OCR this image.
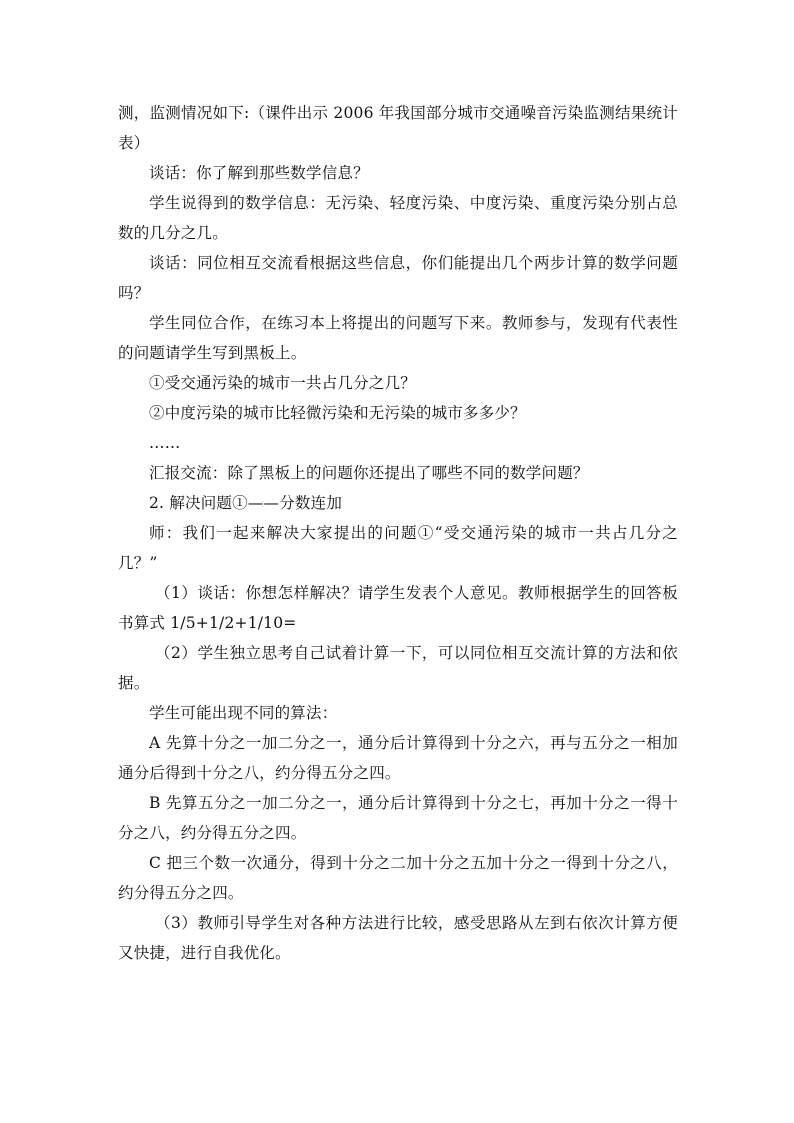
测，监测情况如下:（课件出示 2006 年我国部分城市交通噪音污染监测结果统计表）

谈话：你了解到那些数学信息？

学生说得到的数学信息：无污染、轻度污染、中度污染、重度污染分别占总数的几分之几。

谈话：同位相互交流看根据这些信息，你们能提出几个两步计算的数学问题吗？

学生同位合作，在练习本上将提出的问题写下来。教师参与，发现有代表性的问题请学生写到黑板上。

①受交通污染的城市一共占几分之几？

②中度污染的城市比轻微污染和无污染的城市多多少？

……

汇报交流：除了黑板上的问题你还提出了哪些不同的数学问题？

2. 解决问题①——分数连加

师：我们一起来解决大家提出的问题①“受交通污染的城市一共占几分之几？”

（1）谈话：你想怎样解决？请学生发表个人意见。教师根据学生的回答板书算式 1/5+1/2+1/10=

（2）学生独立思考自己试着计算一下，可以同位相互交流计算的方法和依据。

学生可能出现不同的算法：

A 先算十分之一加二分之一，通分后计算得到十分之六，再与五分之一相加通分后得到十分之八，约分得五分之四。

B 先算五分之一加二分之一，通分后计算得到十分之七，再加十分之一得十分之八，约分得五分之四。

C 把三个数一次通分，得到十分之二加十分之五加十分之一得到十分之八，约分得五分之四。

（3）教师引导学生对各种方法进行比较，感受思路从左到右依次计算方便又快捷，进行自我优化。
